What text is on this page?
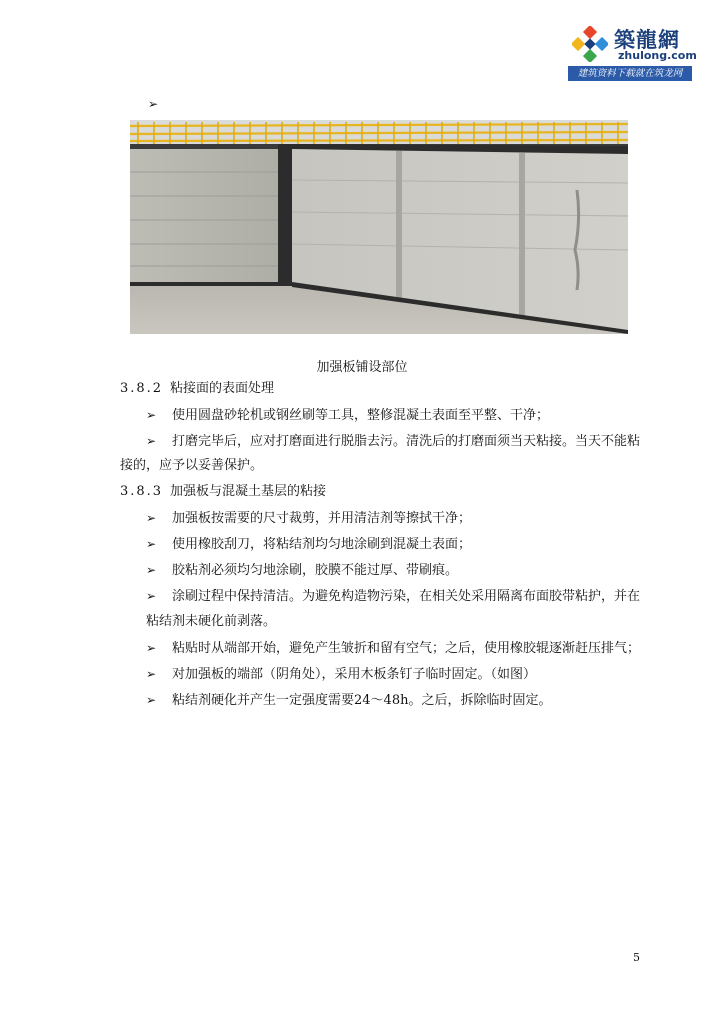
築龍網
zhulong.com
建筑资料下载就在筑龙网
➢
加强板铺设部位
3.8.2 粘接面的表面处理
➢ 使用圆盘砂轮机或钢丝刷等工具，整修混凝土表面至平整、干净；
➢ 打磨完毕后，应对打磨面进行脱脂去污。清洗后的打磨面须当天粘接。当天不能粘
接的，应予以妥善保护。
3.8.3 加强板与混凝土基层的粘接
➢ 加强板按需要的尺寸裁剪，并用清洁剂等擦拭干净；
➢ 使用橡胶刮刀，将粘结剂均匀地涂刷到混凝土表面；
➢ 胶粘剂必须均匀地涂刷，胶膜不能过厚、带刷痕。
➢ 涂刷过程中保持清洁。为避免构造物污染，在相关处采用隔离布面胶带粘护，并在
粘结剂未硬化前剥落。
➢ 粘贴时从端部开始，避免产生皱折和留有空气；之后，使用橡胶辊逐渐赶压排气；
➢ 对加强板的端部（阴角处），采用木板条钉子临时固定。（如图）
➢ 粘结剂硬化并产生一定强度需要24～48h。之后，拆除临时固定。
5
